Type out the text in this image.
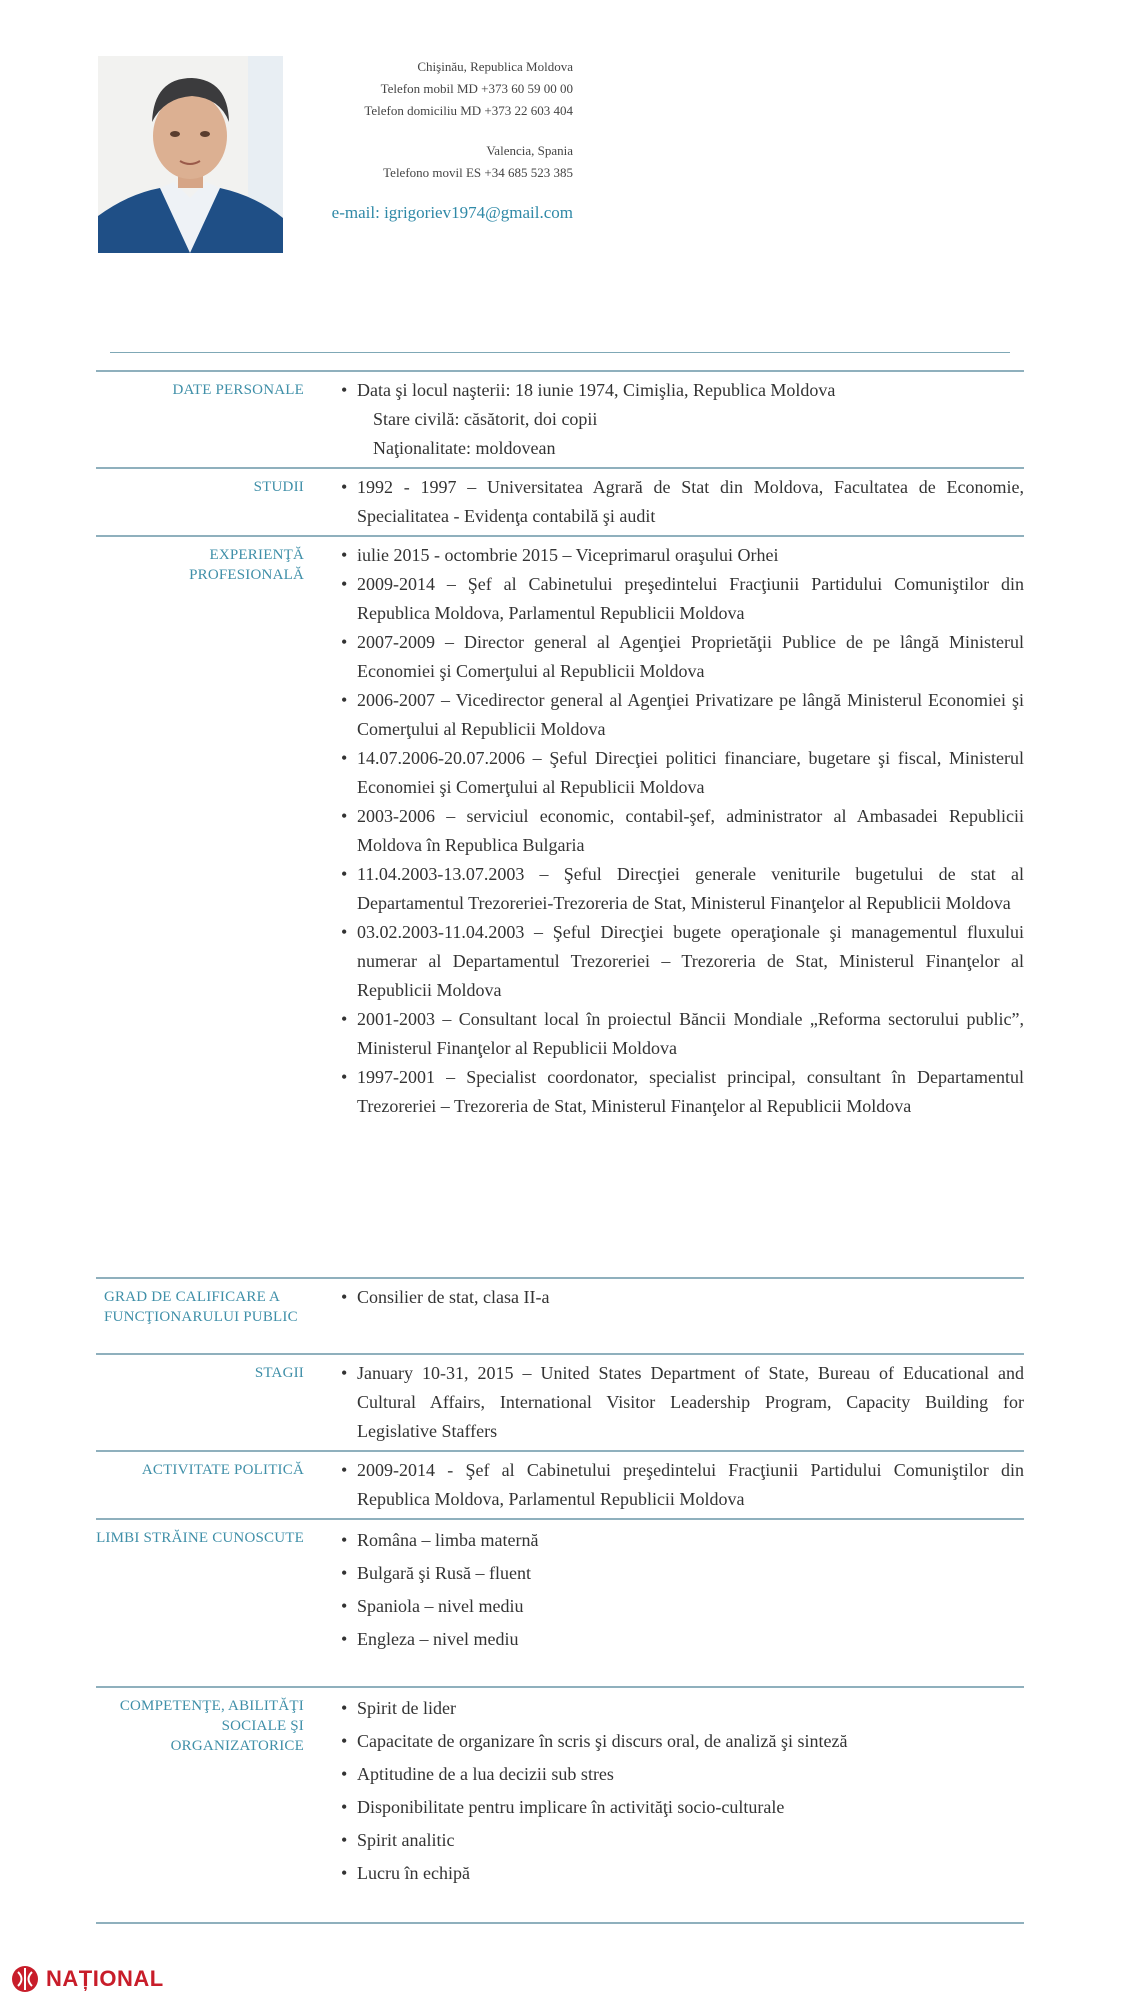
Chişinău, Republica Moldova
Telefon mobil MD +373 60 59 00 00
Telefon domiciliu MD +373 22 603 404
Valencia, Spania
Telefono movil ES +34 685 523 385
e-mail: igrigoriev1974@gmail.com
DATE PERSONALE • Data şi locul naşterii: 18 iunie 1974, Cimişlia, Republica Moldova
Stare civilă: căsătorit, doi copii
Naţionalitate: moldovean
STUDII • 1992 - 1997 – Universitatea Agrară de Stat din Moldova, Facultatea de Economie, Specialitatea - Evidenţa contabilă şi audit
EXPERIENŢĂ PROFESIONALĂ
• iulie 2015 - octombrie 2015 – Viceprimarul oraşului Orhei
• 2009-2014 – Şef al Cabinetului preşedintelui Fracţiunii Partidului Comuniştilor din Republica Moldova, Parlamentul Republicii Moldova
• 2007-2009 – Director general al Agenţiei Proprietăţii Publice de pe lângă Ministerul Economiei şi Comerţului al Republicii Moldova
• 2006-2007 – Vicedirector general al Agenţiei Privatizare pe lângă Ministerul Economiei şi Comerţului al Republicii Moldova
• 14.07.2006-20.07.2006 – Şeful Direcţiei politici financiare, bugetare şi fiscal, Ministerul Economiei şi Comerţului al Republicii Moldova
• 2003-2006 – serviciul economic, contabil-şef, administrator al Ambasadei Republicii Moldova în Republica Bulgaria
• 11.04.2003-13.07.2003 – Şeful Direcţiei generale veniturile bugetului de stat al Departamentul Trezoreriei-Trezoreria de Stat, Ministerul Finanţelor al Republicii Moldova
• 03.02.2003-11.04.2003 – Şeful Direcţiei bugete operaţionale şi managementul fluxului numerar al Departamentul Trezoreriei – Trezoreria de Stat, Ministerul Finanţelor al Republicii Moldova
• 2001-2003 – Consultant local în proiectul Băncii Mondiale „Reforma sectorului public”, Ministerul Finanţelor al Republicii Moldova
• 1997-2001 – Specialist coordonator, specialist principal, consultant în Departamentul Trezoreriei – Trezoreria de Stat, Ministerul Finanţelor al Republicii Moldova
GRAD DE CALIFICARE A FUNCŢIONARULUI PUBLIC
• Consilier de stat, clasa II-a
STAGII • January 10-31, 2015 – United States Department of State, Bureau of Educational and Cultural Affairs, International Visitor Leadership Program, Capacity Building for Legislative Staffers
ACTIVITATE POLITICĂ • 2009-2014 - Şef al Cabinetului preşedintelui Fracţiunii Partidului Comuniştilor din Republica Moldova, Parlamentul Republicii Moldova
LIMBI STRĂINE CUNOSCUTE • Româna – limba maternă
• Bulgară şi Rusă – fluent
• Spaniola – nivel mediu
• Engleza – nivel mediu
COMPETENŢE, ABILITĂŢI SOCIALE ŞI ORGANIZATORICE
• Spirit de lider
• Capacitate de organizare în scris şi discurs oral, de analiză şi sinteză
• Aptitudine de a lua decizii sub stres
• Disponibilitate pentru implicare în activităţi socio-culturale
• Spirit analitic
• Lucru în echipă
NAȚIONAL
